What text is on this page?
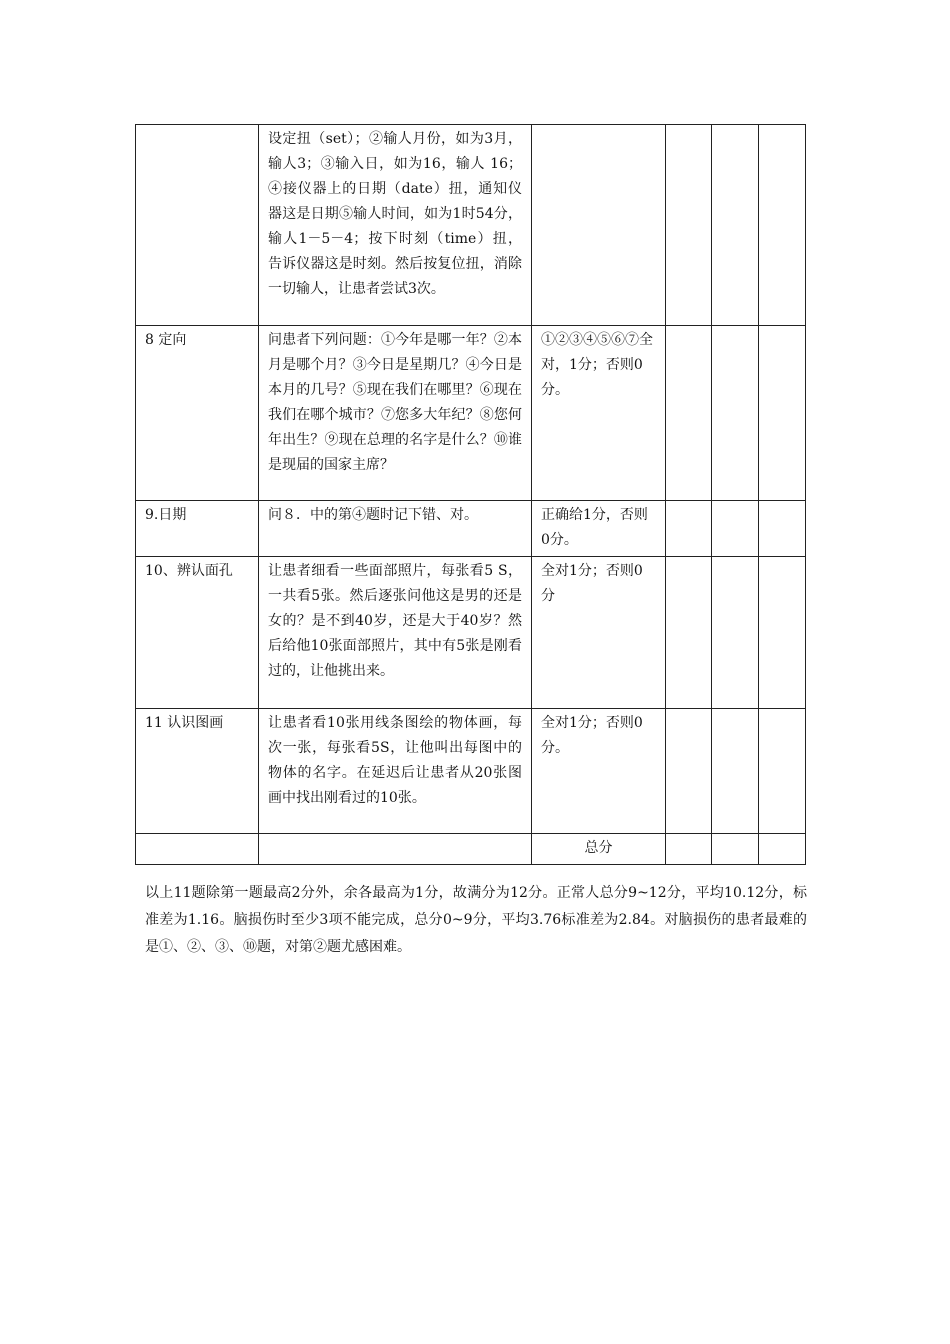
	设定扭（set）；②输人月份，如为3月，输人3；③输入日，如为16，输人 16；④接仪器上的日期（date）扭，通知仪器这是日期⑤输人时间，如为1时54分，输人1－5－4；按下时刻（time）扭，告诉仪器这是时刻。然后按复位扭，消除一切输人，让患者尝试3次。				
8 定向	问患者下列问题：①今年是哪一年？②本月是哪个月？③今日是星期几？④今日是本月的几号？⑤现在我们在哪里？⑥现在我们在哪个城市？⑦您多大年纪？⑧您何年出生？⑨现在总理的名字是什么？⑩谁是现届的国家主席？	①②③④⑤⑥⑦全对，1分；否则0分。			
9.日期	问８．中的第④题时记下错、对。	正确给1分，否则0分。			
10、辨认面孔	让患者细看一些面部照片，每张看5 S，一共看5张。然后逐张问他这是男的还是女的？是不到40岁，还是大于40岁？然后给他10张面部照片，其中有5张是刚看过的，让他挑出来。	全对1分；否则0分			
11 认识图画	让患者看10张用线条图绘的物体画，每次一张，每张看5S，让他叫出每图中的物体的名字。在延迟后让患者从20张图画中找出刚看过的10张。	全对1分；否则0分。			
		总分			
以上11题除第一题最高2分外，余各最高为1分，故满分为12分。正常人总分9~12分，平均10.12分，标准差为1.16。脑损伤时至少3项不能完成，总分0~9分，平均3.76标准差为2.84。对脑损伤的患者最难的是①、②、③、⑩题，对第②题尤感困难。
